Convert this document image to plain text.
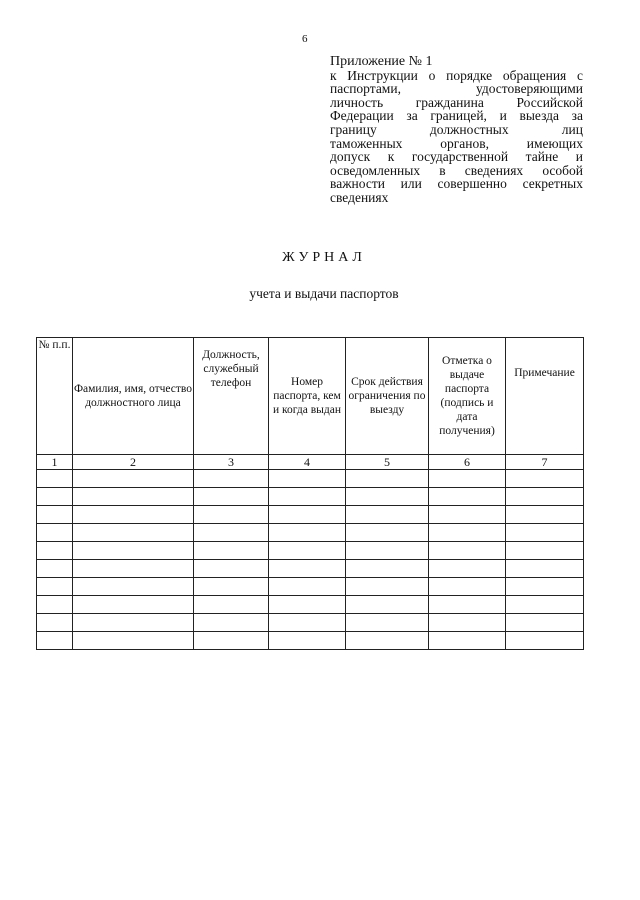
6
Приложение № 1
к Инструкции о порядке обращения с
паспортами, удостоверяющими
личность гражданина Российской
Федерации за границей, и выезда за
границу должностных лиц
таможенных органов, имеющих
допуск к государственной тайне и
осведомленных в сведениях особой
важности или совершенно секретных
сведениях
ЖУРНАЛ
учета и выдачи паспортов
№ п.п.	Фамилия, имя, отчество должностного лица	Должность, служебный телефон	Номер паспорта, кем и когда выдан	Срок действия ограничения по выезду	Отметка о выдаче паспорта (подпись и дата получения)	Примечание
1	2	3	4	5	6	7
